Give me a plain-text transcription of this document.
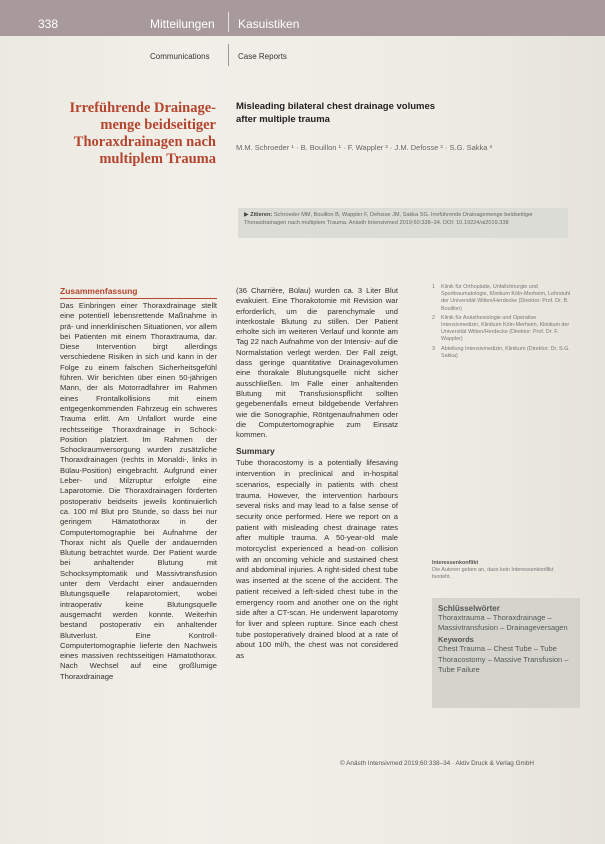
338	Mitteilungen Kasuistiken
Communications	Case Reports
Irreführende Drainage-
menge beidseitiger
Thoraxdrainagen nach
multiplem Trauma
Misleading bilateral chest drainage volumes
after multiple trauma
M.M. Schroeder ¹ · B. Bouillon ¹ · F. Wappler ² · J.M. Defosse ² · S.G. Sakka ³
▶ Zitieren: Schroeder MM, Bouillon B, Wappler F, Defosse JM, Sakka SG. Irreführende Drainagemenge beidseitiger Thoraxdrainagen nach multiplem Trauma. Anästh Intensivmed 2019;60:338–34. DOI: 10.19224/ai2019.338
Zusammenfassung
Das Einbringen einer Thoraxdrainage stellt eine potentiell lebensrettende Maßnahme in prä- und innerklinischen Situationen, vor allem bei Patienten mit einem Thoraxtrauma, dar. Diese Intervention birgt allerdings verschiedene Risiken in sich und kann in der Folge zu einem falschen Sicherheitsgefühl führen. Wir berichten über einen 50-jährigen Mann, der als Motorradfahrer im Rahmen eines Frontalkollisions mit einem entgegenkommenden Fahrzeug ein schweres Trauma erlitt. Am Unfallort wurde eine rechtsseitige Thoraxdrainage in Schock-Position platziert. Im Rahmen der Schockraumversorgung wurden zusätzliche Thoraxdrainagen (rechts in Monaldi-, links in Bülau-Position) eingebracht. Aufgrund einer Leber- und Milzruptur erfolgte eine Laparotomie. Die Thoraxdrainagen förderten postoperativ beidseits jeweils kontinuierlich ca. 100 ml Blut pro Stunde, so dass bei nur geringem Hämatothorax in der Computertomographie bei Aufnahme der Thorax nicht als Quelle der andauernden Blutung betrachtet wurde. Der Patient wurde bei anhaltender Blutung mit Schocksymptomatik und Massivtransfusion unter dem Verdacht einer andauernden Blutungsquelle relaparotomiert, wobei intraoperativ keine Blutungsquelle ausgemacht werden konnte. Weiterhin bestand postoperativ ein anhaltender Blutverlust. Eine Kontroll-Computertomographie lieferte den Nachweis eines massiven rechtsseitigen Hämatothorax. Nach Wechsel auf eine großlumige Thoraxdrainage
(36 Charrière, Bülau) wurden ca. 3 Liter Blut evakuiert. Eine Thorakotomie mit Revision war erforderlich, um die parenchymale und interkostale Blutung zu stillen. Der Patient erholte sich im weiteren Verlauf und konnte am Tag 22 nach Aufnahme von der Intensiv- auf die Normalstation verlegt werden. Der Fall zeigt, dass geringe quantitative Drainagevolumen eine thorakale Blutungsquelle nicht sicher ausschließen. Im Falle einer anhaltenden Blutung mit Transfusionspflicht sollten gegebenenfalls erneut bildgebende Verfahren wie die Sonographie, Röntgenaufnahmen oder die Computertomographie zum Einsatz kommen.
Summary
Tube thoracostomy is a potentially lifesaving intervention in preclinical and in-hospital scenarios, especially in patients with chest trauma. However, the intervention harbours several risks and may lead to a false sense of security once performed. Here we report on a patient with misleading chest drainage rates after multiple trauma. A 50-year-old male motorcyclist experienced a head-on collision with an oncoming vehicle and sustained chest and abdominal injuries. A right-sided chest tube was inserted at the scene of the accident. The patient received a left-sided chest tube in the emergency room and another one on the right side after a CT-scan. He underwent laparotomy for liver and spleen rupture. Since each chest tube postoperatively drained blood at a rate of about 100 ml/h, the chest was not considered as
1	Klinik für Orthopädie, Unfallchirurgie und Sporttraumatologie, Klinikum Köln-Merheim, Lehrstuhl der Universität Witten/Herdecke (Direktor: Prof. Dr. B. Bouillon)
2	Klinik für Anästhesiologie und Operative Intensivmedizin, Klinikum Köln-Merheim, Klinikum der Universität Witten/Herdecke (Direktor: Prof. Dr. F. Wappler)
3	Abteilung Intensivmedizin, Klinikum (Direktor: Dr. S.G. Sakka)
Interessenkonflikt
Die Autoren geben an, dass kein Interessenkonflikt besteht.
Schlüsselwörter
Thoraxtrauma – Thoraxdrainage – Massivtransfusion – Drainageversagen
Keywords
Chest Trauma – Chest Tube – Tube Thoracostomy – Massive Transfusion – Tube Failure
© Anästh Intensivmed 2019;60:338–34 · Aktiv Druck & Verlag GmbH
